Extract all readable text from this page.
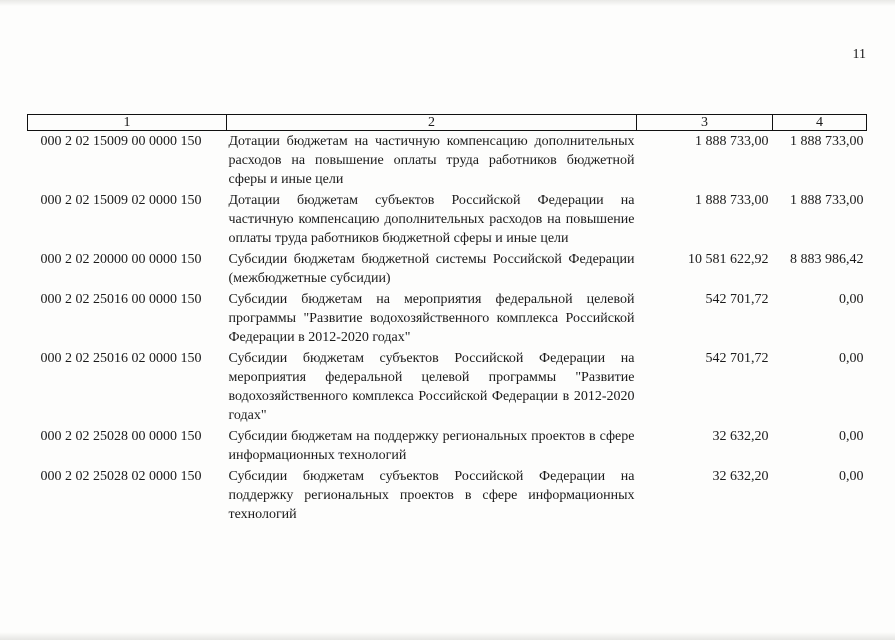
11
1	2	3	4
000 2 02 15009 00 0000 150	Дотации бюджетам на частичную компенсацию дополнительных расходов на повышение оплаты труда работников бюджетной сферы и иные цели	1 888 733,00	1 888 733,00
000 2 02 15009 02 0000 150	Дотации бюджетам субъектов Российской Федерации на частичную компенсацию дополнительных расходов на повышение оплаты труда работников бюджетной сферы и иные цели	1 888 733,00	1 888 733,00
000 2 02 20000 00 0000 150	Субсидии бюджетам бюджетной системы Российской Федерации (межбюджетные субсидии)	10 581 622,92	8 883 986,42
000 2 02 25016 00 0000 150	Субсидии бюджетам на мероприятия федеральной целевой программы "Развитие водохозяйственного комплекса Российской Федерации в 2012-2020 годах"	542 701,72	0,00
000 2 02 25016 02 0000 150	Субсидии бюджетам субъектов Российской Федерации на мероприятия федеральной целевой программы "Развитие водохозяйственного комплекса Российской Федерации в 2012-2020 годах"	542 701,72	0,00
000 2 02 25028 00 0000 150	Субсидии бюджетам на поддержку региональных проектов в сфере информационных технологий	32 632,20	0,00
000 2 02 25028 02 0000 150	Субсидии бюджетам субъектов Российской Федерации на поддержку региональных проектов в сфере информационных технологий	32 632,20	0,00
